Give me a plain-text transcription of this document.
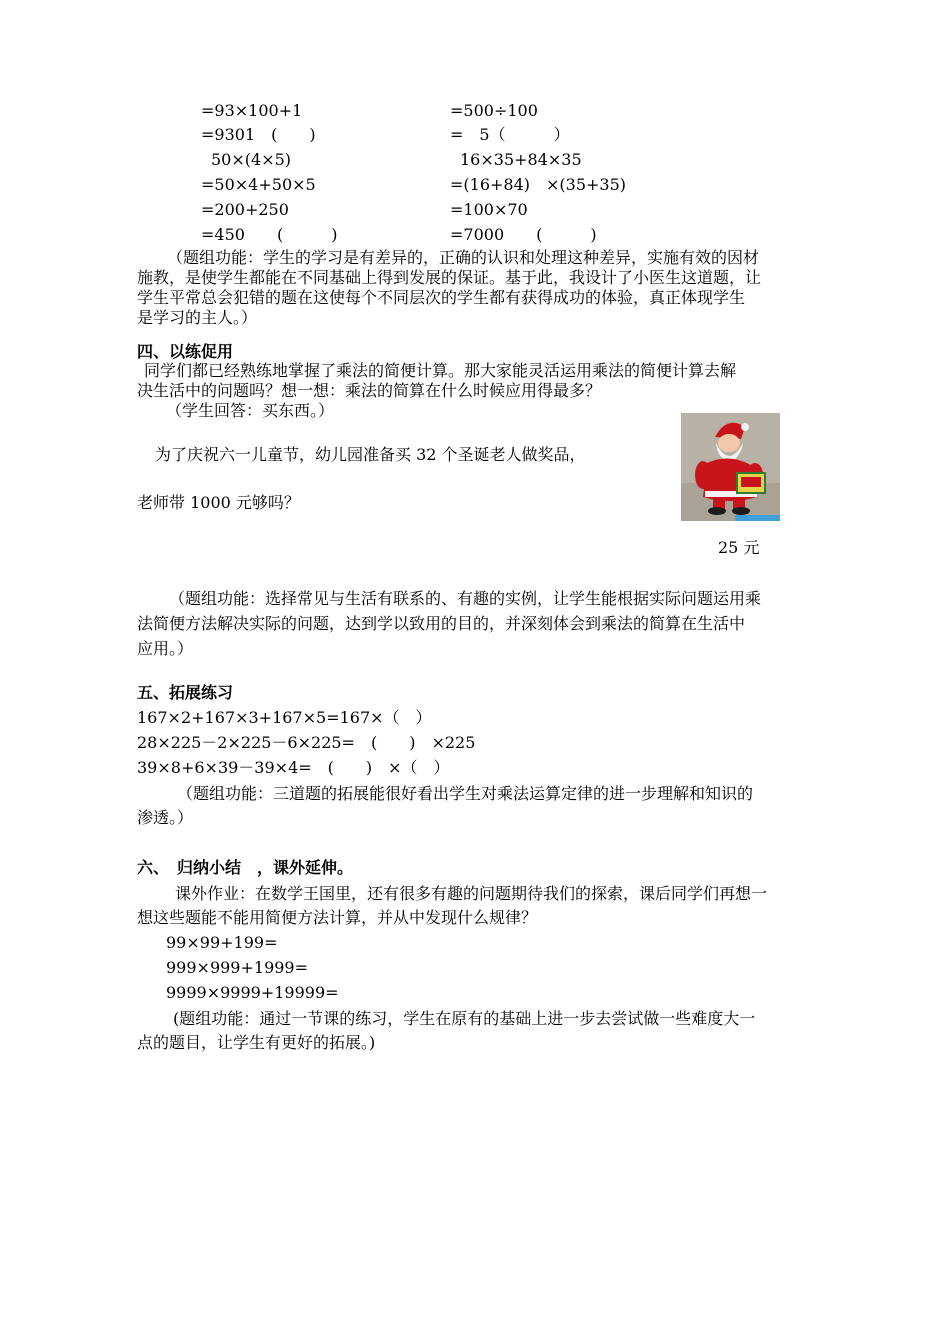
=93×100+1
=9301　(　　)
50×(4×5)
=50×4+50×5
=200+250
=450　　(　　　)
=500÷100
=　5（　　　）
16×35+84×35
=(16+84)　×(35+35)
=100×70
=7000　　(　　　)
（题组功能：学生的学习是有差异的，正确的认识和处理这种差异，实施有效的因材
施教，是使学生都能在不同基础上得到发展的保证。基于此，我设计了小医生这道题，让
学生平常总会犯错的题在这使每个不同层次的学生都有获得成功的体验，真正体现学生
是学习的主人。）
四、以练促用
同学们都已经熟练地掌握了乘法的简便计算。那大家能灵活运用乘法的简便计算去解
决生活中的问题吗？想一想：乘法的简算在什么时候应用得最多？
（学生回答：买东西。）
为了庆祝六一儿童节，幼儿园准备买 32 个圣诞老人做奖品，
老师带 1000 元够吗？
25 元
（题组功能：选择常见与生活有联系的、有趣的实例，让学生能根据实际问题运用乘
法简便方法解决实际的问题，达到学以致用的目的，并深刻体会到乘法的简算在生活中
应用。）
五、拓展练习
167×2+167×3+167×5=167×（　）
28×225－2×225－6×225=　(　　)　×225
39×8+6×39－39×4=　(　　)　×（　）
（题组功能：三道题的拓展能很好看出学生对乘法运算定律的进一步理解和知识的
渗透。）
六、　归纳小结　，课外延伸。
课外作业：在数学王国里，还有很多有趣的问题期待我们的探索，课后同学们再想一
想这些题能不能用简便方法计算，并从中发现什么规律？
99×99+199=
999×999+1999=
9999×9999+19999=
(题组功能：通过一节课的练习，学生在原有的基础上进一步去尝试做一些难度大一
点的题目，让学生有更好的拓展。)
